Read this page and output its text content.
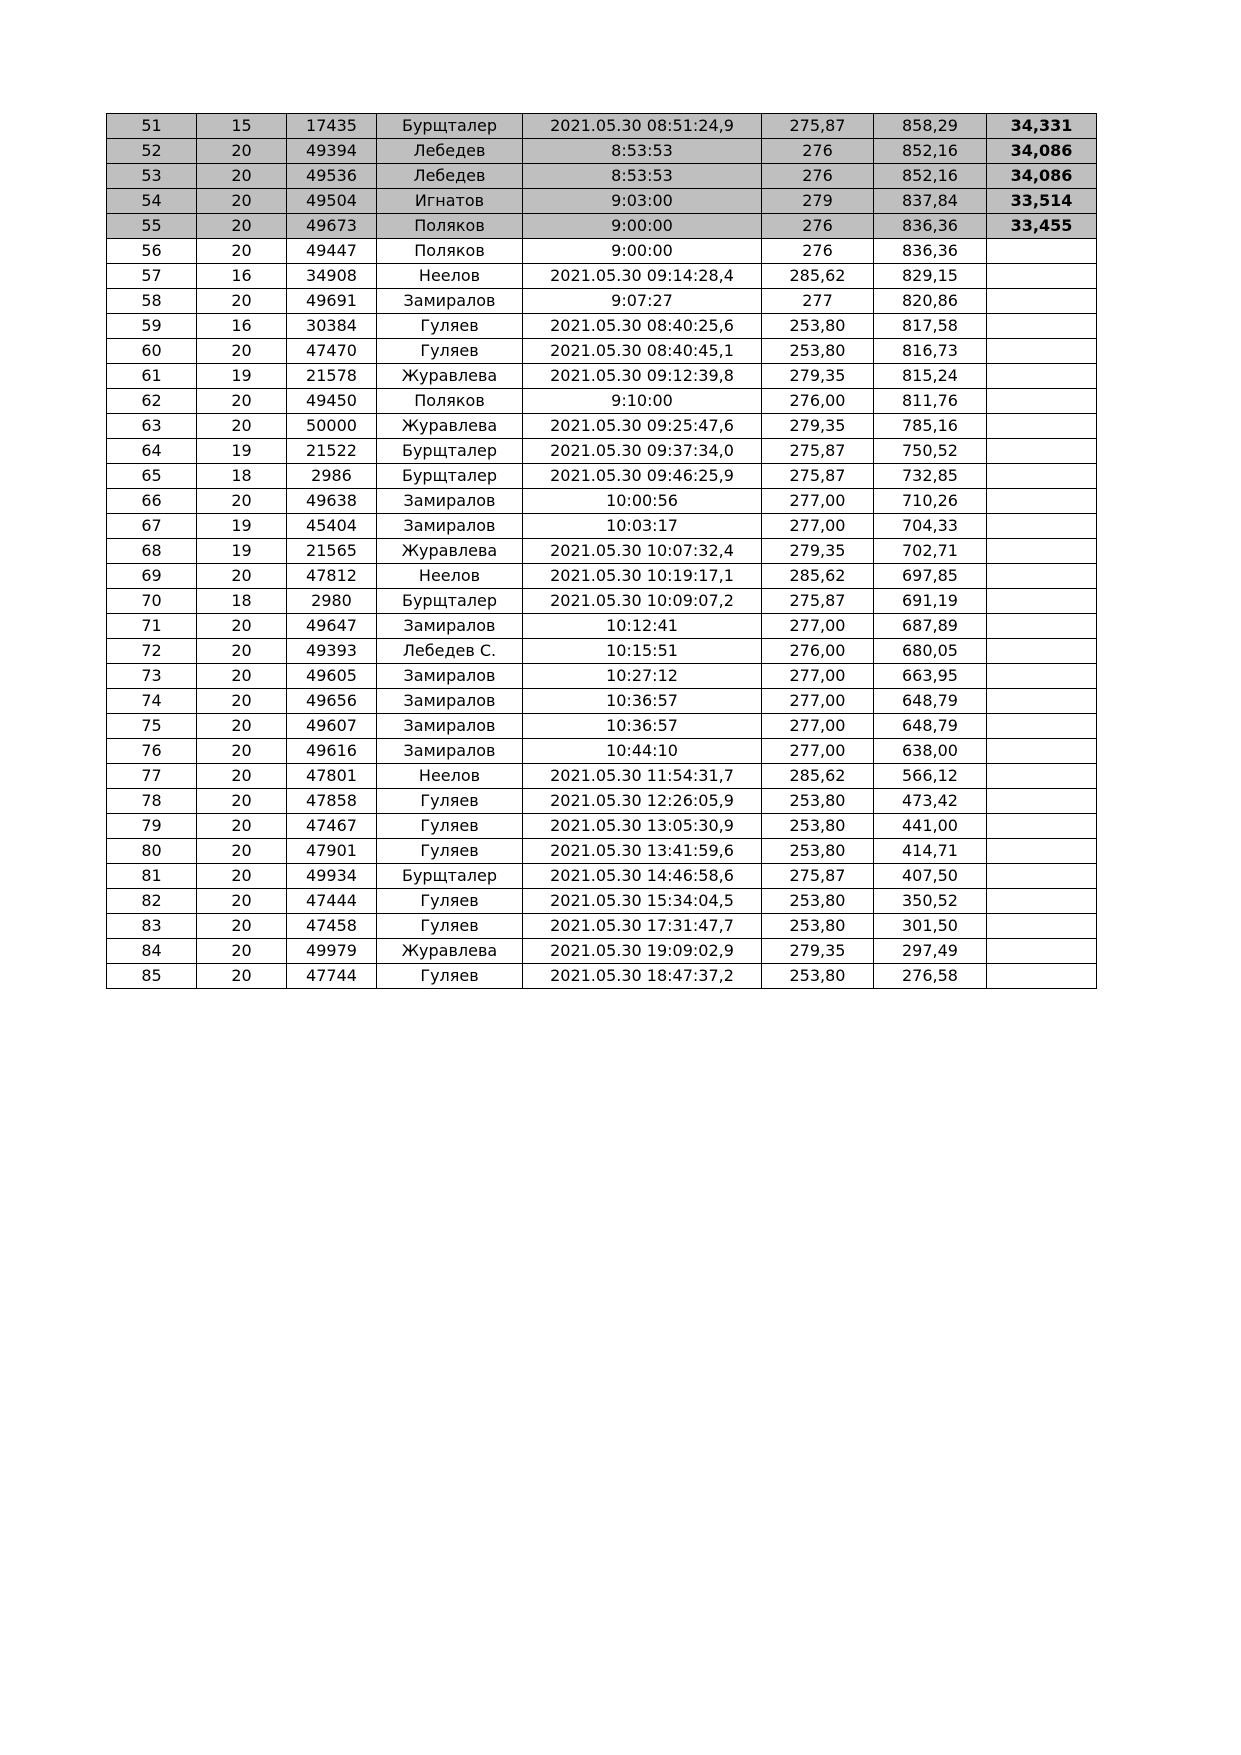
51	15	17435	Бурщталер	2021.05.30 08:51:24,9	275,87	858,29	34,331
52	20	49394	Лебедев	8:53:53	276	852,16	34,086
53	20	49536	Лебедев	8:53:53	276	852,16	34,086
54	20	49504	Игнатов	9:03:00	279	837,84	33,514
55	20	49673	Поляков	9:00:00	276	836,36	33,455
56	20	49447	Поляков	9:00:00	276	836,36	
57	16	34908	Неелов	2021.05.30 09:14:28,4	285,62	829,15	
58	20	49691	Замиралов	9:07:27	277	820,86	
59	16	30384	Гуляев	2021.05.30 08:40:25,6	253,80	817,58	
60	20	47470	Гуляев	2021.05.30 08:40:45,1	253,80	816,73	
61	19	21578	Журавлева	2021.05.30 09:12:39,8	279,35	815,24	
62	20	49450	Поляков	9:10:00	276,00	811,76	
63	20	50000	Журавлева	2021.05.30 09:25:47,6	279,35	785,16	
64	19	21522	Бурщталер	2021.05.30 09:37:34,0	275,87	750,52	
65	18	2986	Бурщталер	2021.05.30 09:46:25,9	275,87	732,85	
66	20	49638	Замиралов	10:00:56	277,00	710,26	
67	19	45404	Замиралов	10:03:17	277,00	704,33	
68	19	21565	Журавлева	2021.05.30 10:07:32,4	279,35	702,71	
69	20	47812	Неелов	2021.05.30 10:19:17,1	285,62	697,85	
70	18	2980	Бурщталер	2021.05.30 10:09:07,2	275,87	691,19	
71	20	49647	Замиралов	10:12:41	277,00	687,89	
72	20	49393	Лебедев С.	10:15:51	276,00	680,05	
73	20	49605	Замиралов	10:27:12	277,00	663,95	
74	20	49656	Замиралов	10:36:57	277,00	648,79	
75	20	49607	Замиралов	10:36:57	277,00	648,79	
76	20	49616	Замиралов	10:44:10	277,00	638,00	
77	20	47801	Неелов	2021.05.30 11:54:31,7	285,62	566,12	
78	20	47858	Гуляев	2021.05.30 12:26:05,9	253,80	473,42	
79	20	47467	Гуляев	2021.05.30 13:05:30,9	253,80	441,00	
80	20	47901	Гуляев	2021.05.30 13:41:59,6	253,80	414,71	
81	20	49934	Бурщталер	2021.05.30 14:46:58,6	275,87	407,50	
82	20	47444	Гуляев	2021.05.30 15:34:04,5	253,80	350,52	
83	20	47458	Гуляев	2021.05.30 17:31:47,7	253,80	301,50	
84	20	49979	Журавлева	2021.05.30 19:09:02,9	279,35	297,49	
85	20	47744	Гуляев	2021.05.30 18:47:37,2	253,80	276,58	
